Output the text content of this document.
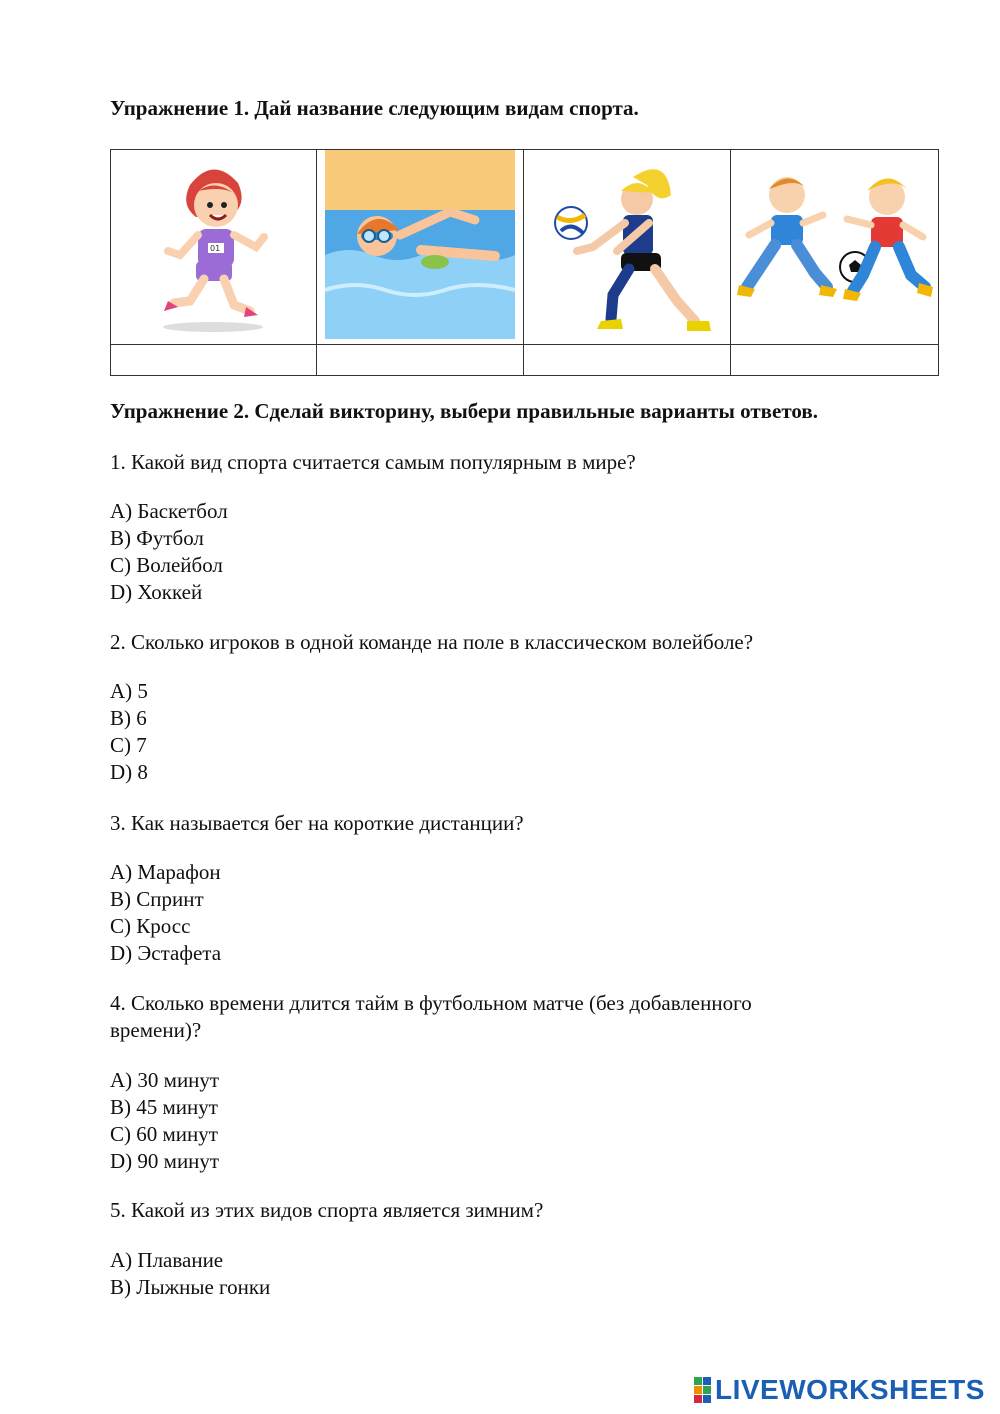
Упражнение 1. Дай название следующим видам спорта.
01

Упражнение 2. Сделай викторину, выбери правильные варианты ответов.
1. Какой вид спорта считается самым популярным в мире?
A) Баскетбол
B) Футбол
C) Волейбол
D) Хоккей
2. Сколько игроков в одной команде на поле в классическом волейболе?
A) 5
B) 6
C) 7
D) 8
3. Как называется бег на короткие дистанции?
A) Марафон
B) Спринт
C) Кросс
D) Эстафета
4. Сколько времени длится тайм в футбольном матче (без добавленного
времени)?
A) 30 минут
B) 45 минут
C) 60 минут
D) 90 минут
5. Какой из этих видов спорта является зимним?
A) Плавание
B) Лыжные гонки
LIVEWORKSHEETS
